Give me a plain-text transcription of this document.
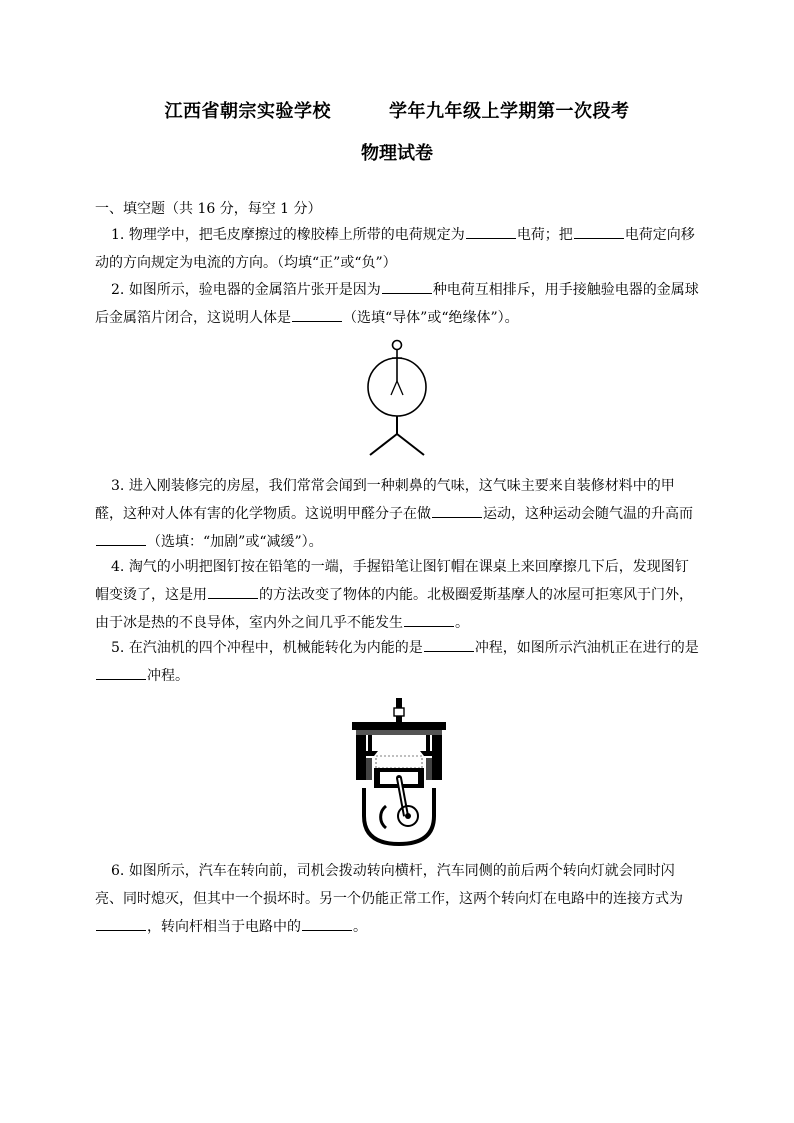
江西省朝宗实验学校	学年九年级上学期第一次段考
物理试卷
一、填空题（共 16 分，每空 1 分）
1. 物理学中，把毛皮摩擦过的橡胶棒上所带的电荷规定为	电荷；把	电荷定向移动的方向规定为电流的方向。（均填“正”或“负”）
2. 如图所示，验电器的金属箔片张开是因为	种电荷互相排斥，用手接触验电器的金属球后金属箔片闭合，这说明人体是	（选填“导体”或“绝缘体”）。
3. 进入刚装修完的房屋，我们常常会闻到一种刺鼻的气味，这气味主要来自装修材料中的甲醛，这种对人体有害的化学物质。这说明甲醛分子在做	运动，这种运动会随气温的升高而（选填：“加剧”或“减缓”）。
4. 淘气的小明把图钉按在铅笔的一端，手握铅笔让图钉帽在课桌上来回摩擦几下后，发现图钉帽变烫了，这是用	的方法改变了物体的内能。北极圈爱斯基摩人的冰屋可拒寒风于门外，由于冰是热的不良导体，室内外之间几乎不能发生	。
5. 在汽油机的四个冲程中，机械能转化为内能的是	冲程，如图所示汽油机正在进行的是冲程。
6. 如图所示，汽车在转向前，司机会拨动转向横杆，汽车同侧的前后两个转向灯就会同时闪亮、同时熄灭，但其中一个损坏时。另一个仍能正常工作，这两个转向灯在电路中的连接方式为，转向杆相当于电路中的	。
